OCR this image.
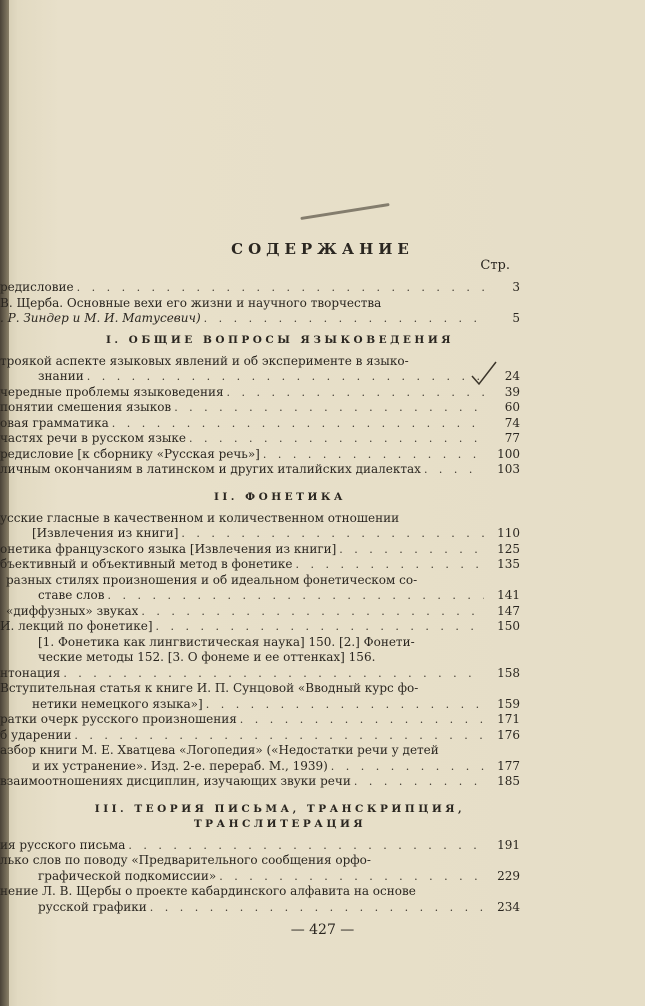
СОДЕРЖАНИЕ
Стр.
редисловие . . .	3
В. Щерба. Основные вехи его жизни и научного творчества
. Р. Зиндер и М. И. Матусевич) . . .	5
I. ОБЩИЕ ВОПРОСЫ ЯЗЫКОВЕДЕНИЯ
троякой аспекте языковых явлений и об эксперименте в языко-
знании . . .	24
чередные проблемы языковедения . . .	39
понятии смешения языков . . .	60
овая грамматика . . .	74
частях речи в русском языке . . .	77
редисловие [к сборнику «Русская речь»] . . .	100
личным окончаниям в латинском и других италийских диалектах . . .	103
II. ФОНЕТИКА
усские гласные в качественном и количественном отношении
[Извлечения из книги] . . .	110
онетика французского языка [Извлечения из книги] . . .	125
бъективный и объективный метод в фонетике . . .	135
разных стилях произношения и об идеальном фонетическом со-
ставе слов . . .	141
«диффузных» звуках . . .	147
И. лекций по фонетике] . . .	150
[1. Фонетика как лингвистическая наука] 150. [2.] Фонети-
ческие методы 152. [3. О фонеме и ее оттенках] 156.
нтонация . . .	158
Вступительная статья к книге И. П. Сунцовой «Вводный курс фо-
нетики немецкого языка»] . . .	159
ратки очерк русского произношения . . .	171
б ударении . . .	176
азбор книги М. Е. Хватцева «Логопедия» («Недостатки речи у детей
и их устранение». Изд. 2-е. перераб. М., 1939) . . .	177
взаимоотношениях дисциплин, изучающих звуки речи . . .	185
III. ТЕОРИЯ ПИСЬМА, ТРАНСКРИПЦИЯ,
ТРАНСЛИТЕРАЦИЯ
ия русского письма . . .	191
лько слов по поводу «Предварительного сообщения орфо-
графической подкомиссии» . . .	229
нение Л. В. Щербы о проекте кабардинского алфавита на основе
русской графики . . .	234
— 427 —
